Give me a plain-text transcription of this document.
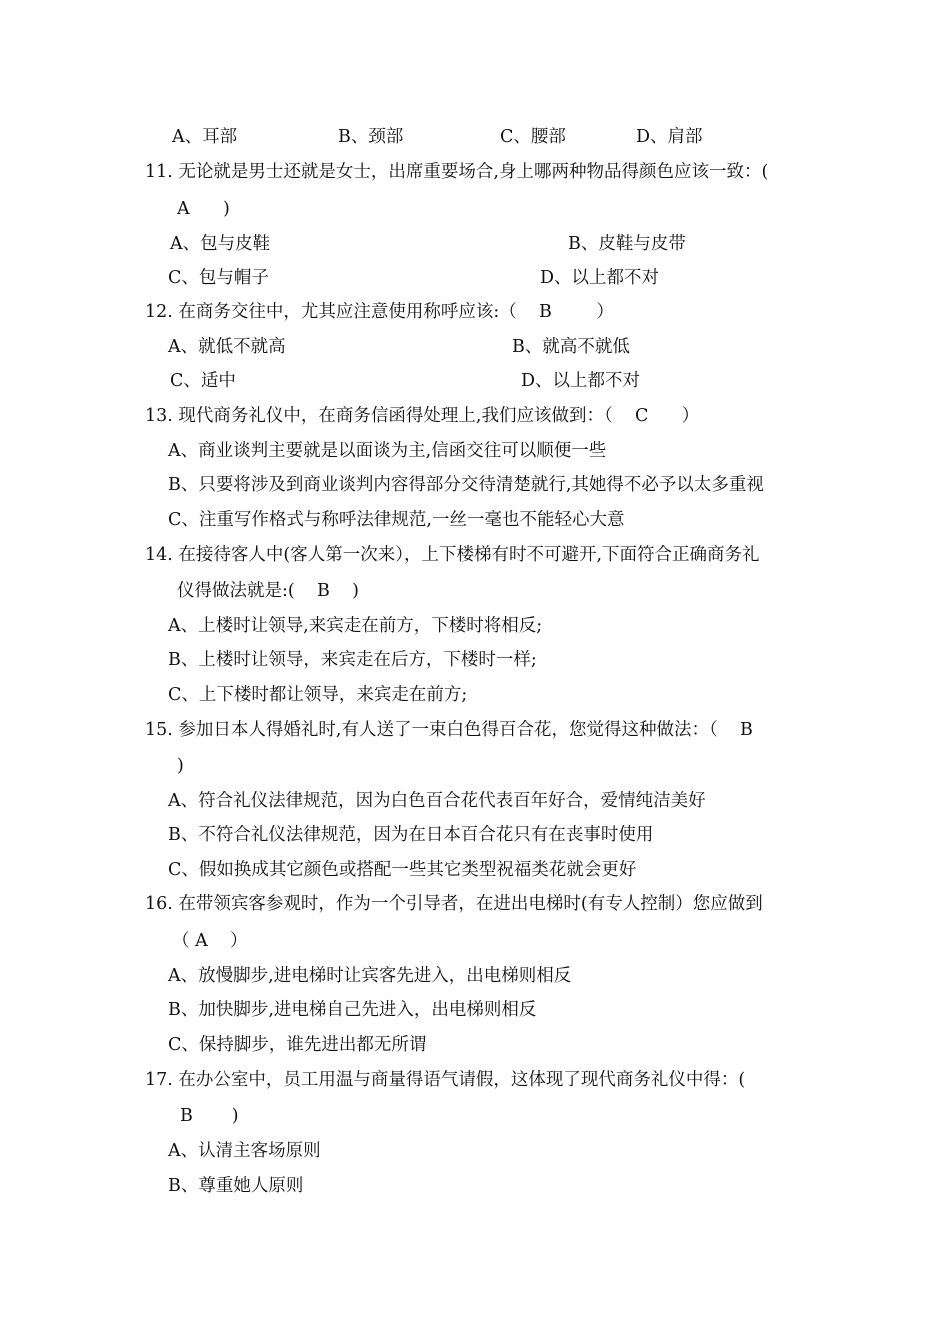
A、耳部	B、颈部	C、腰部	D、肩部
11. 无论就是男士还就是女士，出席重要场合,身上哪两种物品得颜色应该一致：(
A      )
A、包与皮鞋	B、皮鞋与皮带
C、包与帽子	D、以上都不对
12. 在商务交往中，尤其应注意使用称呼应该:（    B        ）
A、就低不就高	B、就高不就低
C、适中	D、以上都不对
13. 现代商务礼仪中，在商务信函得处理上,我们应该做到：（    C      ）
A、商业谈判主要就是以面谈为主,信函交往可以顺便一些
B、只要将涉及到商业谈判内容得部分交待清楚就行,其她得不必予以太多重视
C、注重写作格式与称呼法律规范,一丝一毫也不能轻心大意
14. 在接待客人中(客人第一次来），上下楼梯有时不可避开,下面符合正确商务礼
仪得做法就是:(    B    )
A、上楼时让领导,来宾走在前方，下楼时将相反;
B、上楼时让领导，来宾走在后方，下楼时一样;
C、上下楼时都让领导，来宾走在前方;
15. 参加日本人得婚礼时,有人送了一束白色得百合花，您觉得这种做法：（    B
)
A、符合礼仪法律规范，因为白色百合花代表百年好合，爱情纯洁美好
B、不符合礼仪法律规范，因为在日本百合花只有在丧事时使用
C、假如换成其它颜色或搭配一些其它类型祝福类花就会更好
16. 在带领宾客参观时，作为一个引导者，在进出电梯时(有专人控制）您应做到
（ A    ）
A、放慢脚步,进电梯时让宾客先进入，出电梯则相反
B、加快脚步,进电梯自己先进入，出电梯则相反
C、保持脚步，谁先进出都无所谓
17. 在办公室中，员工用温与商量得语气请假，这体现了现代商务礼仪中得：(
B       )
A、认清主客场原则
B、尊重她人原则
